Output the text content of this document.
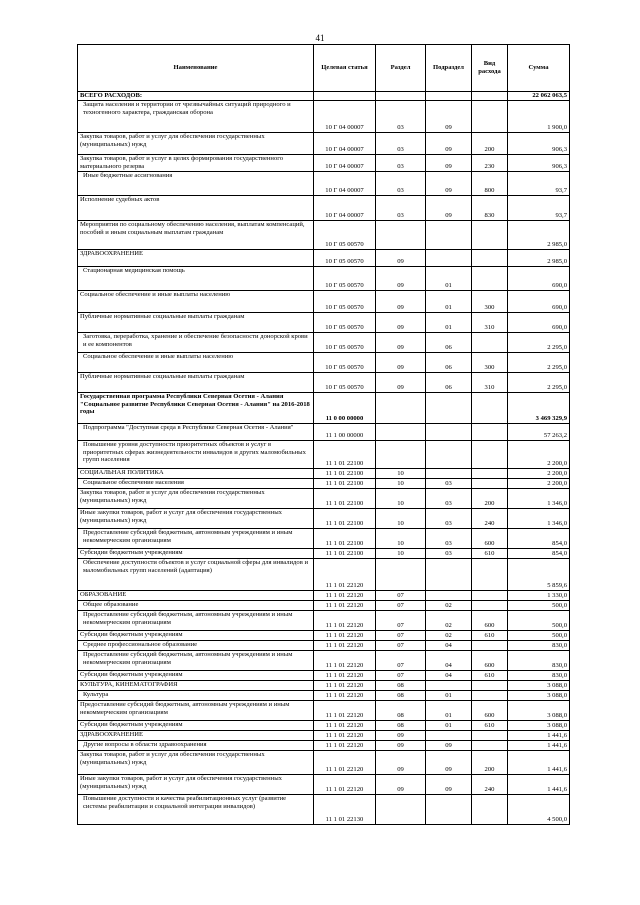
41
Наименование	Целевая статья	Раздел	Подраздел	Вид расхода	Сумма
ВСЕГО РАСХОДОВ:					22 062 063,5
Защита населения и территории от чрезвычайных ситуаций природного и техногенного характера, гражданская оборона	10 Г 04 00007	03	09		1 900,0
Закупка товаров, работ и услуг для обеспечения государственных (муниципальных) нужд	10 Г 04 00007	03	09	200	906,3
Закупка товаров, работ и услуг в целях формирования государственного материального резерва	10 Г 04 00007	03	09	230	906,3
Иные бюджетные ассигнования	10 Г 04 00007	03	09	800	93,7
Исполнение судебных актов	10 Г 04 00007	03	09	830	93,7
Мероприятия по социальному обеспечению населения, выплатам компенсаций, пособий и иным социальным выплатам гражданам	10 Г 05 00570				2 985,0
ЗДРАВООХРАНЕНИЕ	10 Г 05 00570	09			2 985,0
Стационарная медицинская помощь	10 Г 05 00570	09	01		690,0
Социальное обеспечение и иные выплаты населению	10 Г 05 00570	09	01	300	690,0
Публичные нормативные социальные выплаты гражданам	10 Г 05 00570	09	01	310	690,0
Заготовка, переработка, хранение и обеспечение безопасности донорской крови и ее компонентов	10 Г 05 00570	09	06		2 295,0
Социальное обеспечение и иные выплаты населению	10 Г 05 00570	09	06	300	2 295,0
Публичные нормативные социальные выплаты гражданам	10 Г 05 00570	09	06	310	2 295,0
Государственная программа Республики Северная Осетия - Алания "Социальное развитие Республики Северная Осетия - Алания" на 2016-2018 годы	11 0 00 00000				3 469 329,9
Подпрограмма "Доступная среда в Республике Северная Осетия - Алания"	11 1 00 00000				57 263,2
Повышение уровня доступности приоритетных объектов и услуг в приоритетных сферах жизнедеятельности инвалидов и других маломобильных групп населения	11 1 01 22100				2 200,0
СОЦИАЛЬНАЯ ПОЛИТИКА	11 1 01 22100	10			2 200,0
Социальное обеспечение населения	11 1 01 22100	10	03		2 200,0
Закупка товаров, работ и услуг для обеспечения государственных (муниципальных) нужд	11 1 01 22100	10	03	200	1 346,0
Иные закупки товаров, работ и услуг для обеспечения государственных (муниципальных) нужд	11 1 01 22100	10	03	240	1 346,0
Предоставление субсидий бюджетным, автономным учреждениям и иным некоммерческим организациям	11 1 01 22100	10	03	600	854,0
Субсидии бюджетным учреждениям	11 1 01 22100	10	03	610	854,0
Обеспечение доступности объектов и услуг социальной сферы для инвалидов и маломобильных групп населений (адаптация)	11 1 01 22120				5 859,6
ОБРАЗОВАНИЕ	11 1 01 22120	07			1 330,0
Общее образование	11 1 01 22120	07	02		500,0
Предоставление субсидий бюджетным, автономным учреждениям и иным некоммерческим организациям	11 1 01 22120	07	02	600	500,0
Субсидии бюджетным учреждениям	11 1 01 22120	07	02	610	500,0
Среднее профессиональное образование	11 1 01 22120	07	04		830,0
Предоставление субсидий бюджетным, автономным учреждениям и иным некоммерческим организациям	11 1 01 22120	07	04	600	830,0
Субсидии бюджетным учреждениям	11 1 01 22120	07	04	610	830,0
КУЛЬТУРА, КИНЕМАТОГРАФИЯ	11 1 01 22120	08			3 088,0
Культура	11 1 01 22120	08	01		3 088,0
Предоставление субсидий бюджетным, автономным учреждениям и иным некоммерческим организациям	11 1 01 22120	08	01	600	3 088,0
Субсидии бюджетным учреждениям	11 1 01 22120	08	01	610	3 088,0
ЗДРАВООХРАНЕНИЕ	11 1 01 22120	09			1 441,6
Другие вопросы в области здравоохранения	11 1 01 22120	09	09		1 441,6
Закупка товаров, работ и услуг для обеспечения государственных (муниципальных) нужд	11 1 01 22120	09	09	200	1 441,6
Иные закупки товаров, работ и услуг для обеспечения государственных (муниципальных) нужд	11 1 01 22120	09	09	240	1 441,6
Повышение доступности и качества реабилитационных услуг (развитие системы реабилитации и социальной интеграции инвалидов)	11 1 01 22130				4 500,0
